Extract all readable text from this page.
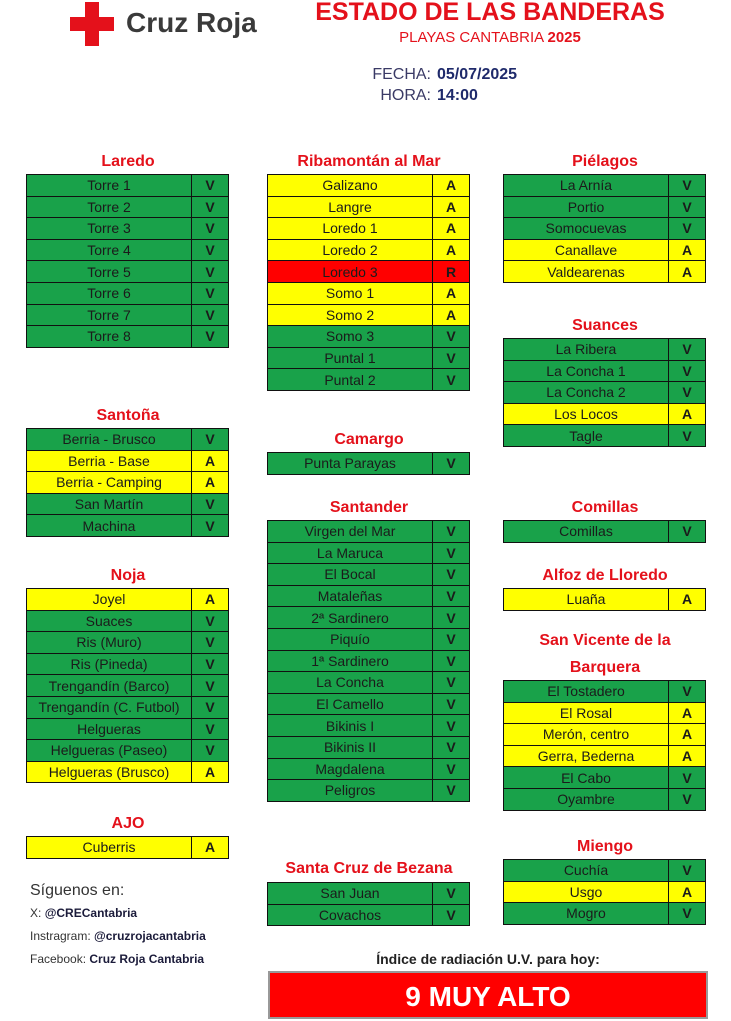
Cruz Roja	ESTADO DE LAS BANDERAS
PLAYAS CANTABRIA 2025
FECHA: 05/07/2025
HORA: 14:00
Laredo
Torre 1	V
Torre 2	V
Torre 3	V
Torre 4	V
Torre 5	V
Torre 6	V
Torre 7	V
Torre 8	V
Santoña
Berria - Brusco	V
Berria - Base	A
Berria - Camping	A
San Martín	V
Machina	V
Noja
Joyel	A
Suaces	V
Ris (Muro)	V
Ris (Pineda)	V
Trengandín (Barco)	V
Trengandín (C. Futbol)	V
Helgueras	V
Helgueras (Paseo)	V
Helgueras (Brusco)	A
AJO
Cuberris	A
Ribamontán al Mar
Galizano	A
Langre	A
Loredo 1	A
Loredo 2	A
Loredo 3	R
Somo 1	A
Somo 2	A
Somo 3	V
Puntal 1	V
Puntal 2	V
Camargo
Punta Parayas	V
Santander
Virgen del Mar	V
La Maruca	V
El Bocal	V
Mataleñas	V
2ª Sardinero	V
Piquío	V
1ª Sardinero	V
La Concha	V
El Camello	V
Bikinis I	V
Bikinis II	V
Magdalena	V
Peligros	V
Santa Cruz de Bezana
San Juan	V
Covachos	V
Piélagos
La Arnía	V
Portio	V
Somocuevas	V
Canallave	A
Valdearenas	A
Suances
La Ribera	V
La Concha 1	V
La Concha 2	V
Los Locos	A
Tagle	V
Comillas
Comillas	V
Alfoz de Lloredo
Luaña	A
San Vicente de la Barquera
El Tostadero	V
El Rosal	A
Merón, centro	A
Gerra, Bederna	A
El Cabo	V
Oyambre	V
Miengo
Cuchía	V
Usgo	A
Mogro	V
Síguenos en:
X: @CRECantabria
Instragram: @cruzrojacantabria
Facebook: Cruz Roja Cantabria	Índice de radiación U.V. para hoy:
9 MUY ALTO
